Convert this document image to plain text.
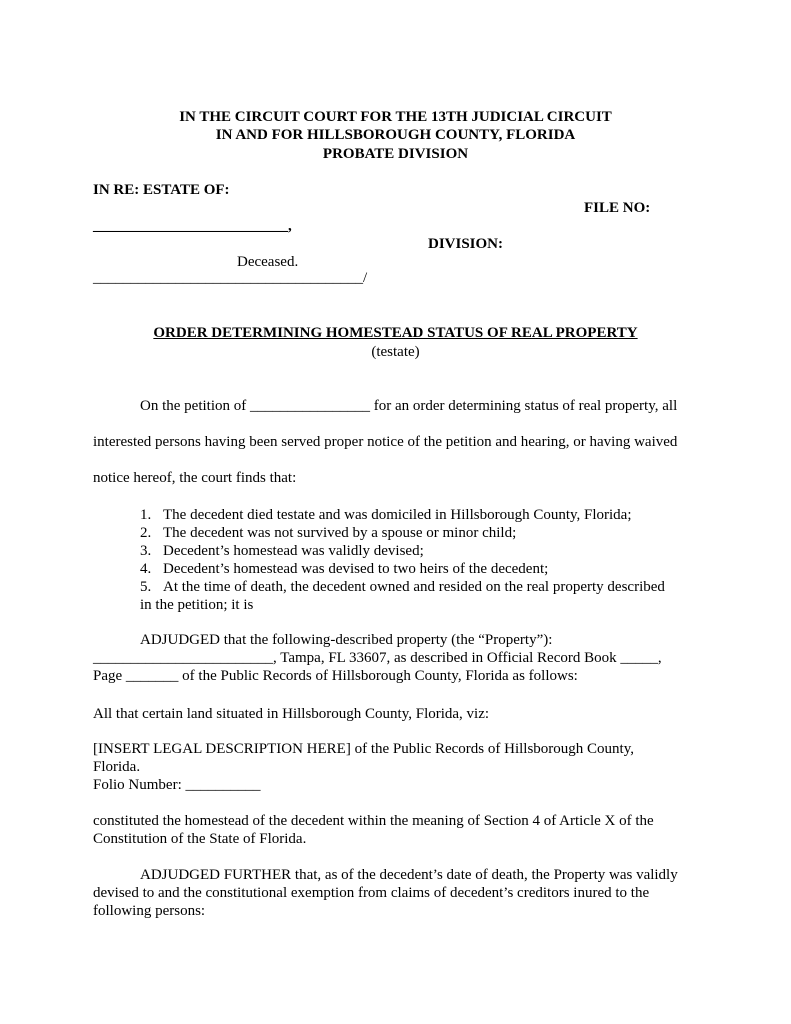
IN THE CIRCUIT COURT FOR THE 13TH JUDICIAL CIRCUIT
IN AND FOR HILLSBOROUGH COUNTY, FLORIDA
PROBATE DIVISION
IN RE: ESTATE OF:
FILE NO:
__________________________,
DIVISION:
Deceased.
____________________________________/
ORDER DETERMINING HOMESTEAD STATUS OF REAL PROPERTY
(testate)
On the petition of ________________ for an order determining status of real property, all
interested persons having been served proper notice of the petition and hearing, or having waived
notice hereof, the court finds that:
1. The decedent died testate and was domiciled in Hillsborough County, Florida;
2. The decedent was not survived by a spouse or minor child;
3. Decedent’s homestead was validly devised;
4. Decedent’s homestead was devised to two heirs of the decedent;
5. At the time of death, the decedent owned and resided on the real property described
in the petition; it is
ADJUDGED that the following-described property (the “Property”):
________________________, Tampa, FL 33607, as described in Official Record Book _____,
Page _______ of the Public Records of Hillsborough County, Florida as follows:
All that certain land situated in Hillsborough County, Florida, viz:
[INSERT LEGAL DESCRIPTION HERE] of the Public Records of Hillsborough County,
Florida.
Folio Number: __________
constituted the homestead of the decedent within the meaning of Section 4 of Article X of the
Constitution of the State of Florida.
ADJUDGED FURTHER that, as of the decedent’s date of death, the Property was validly
devised to and the constitutional exemption from claims of decedent’s creditors inured to the
following persons:
